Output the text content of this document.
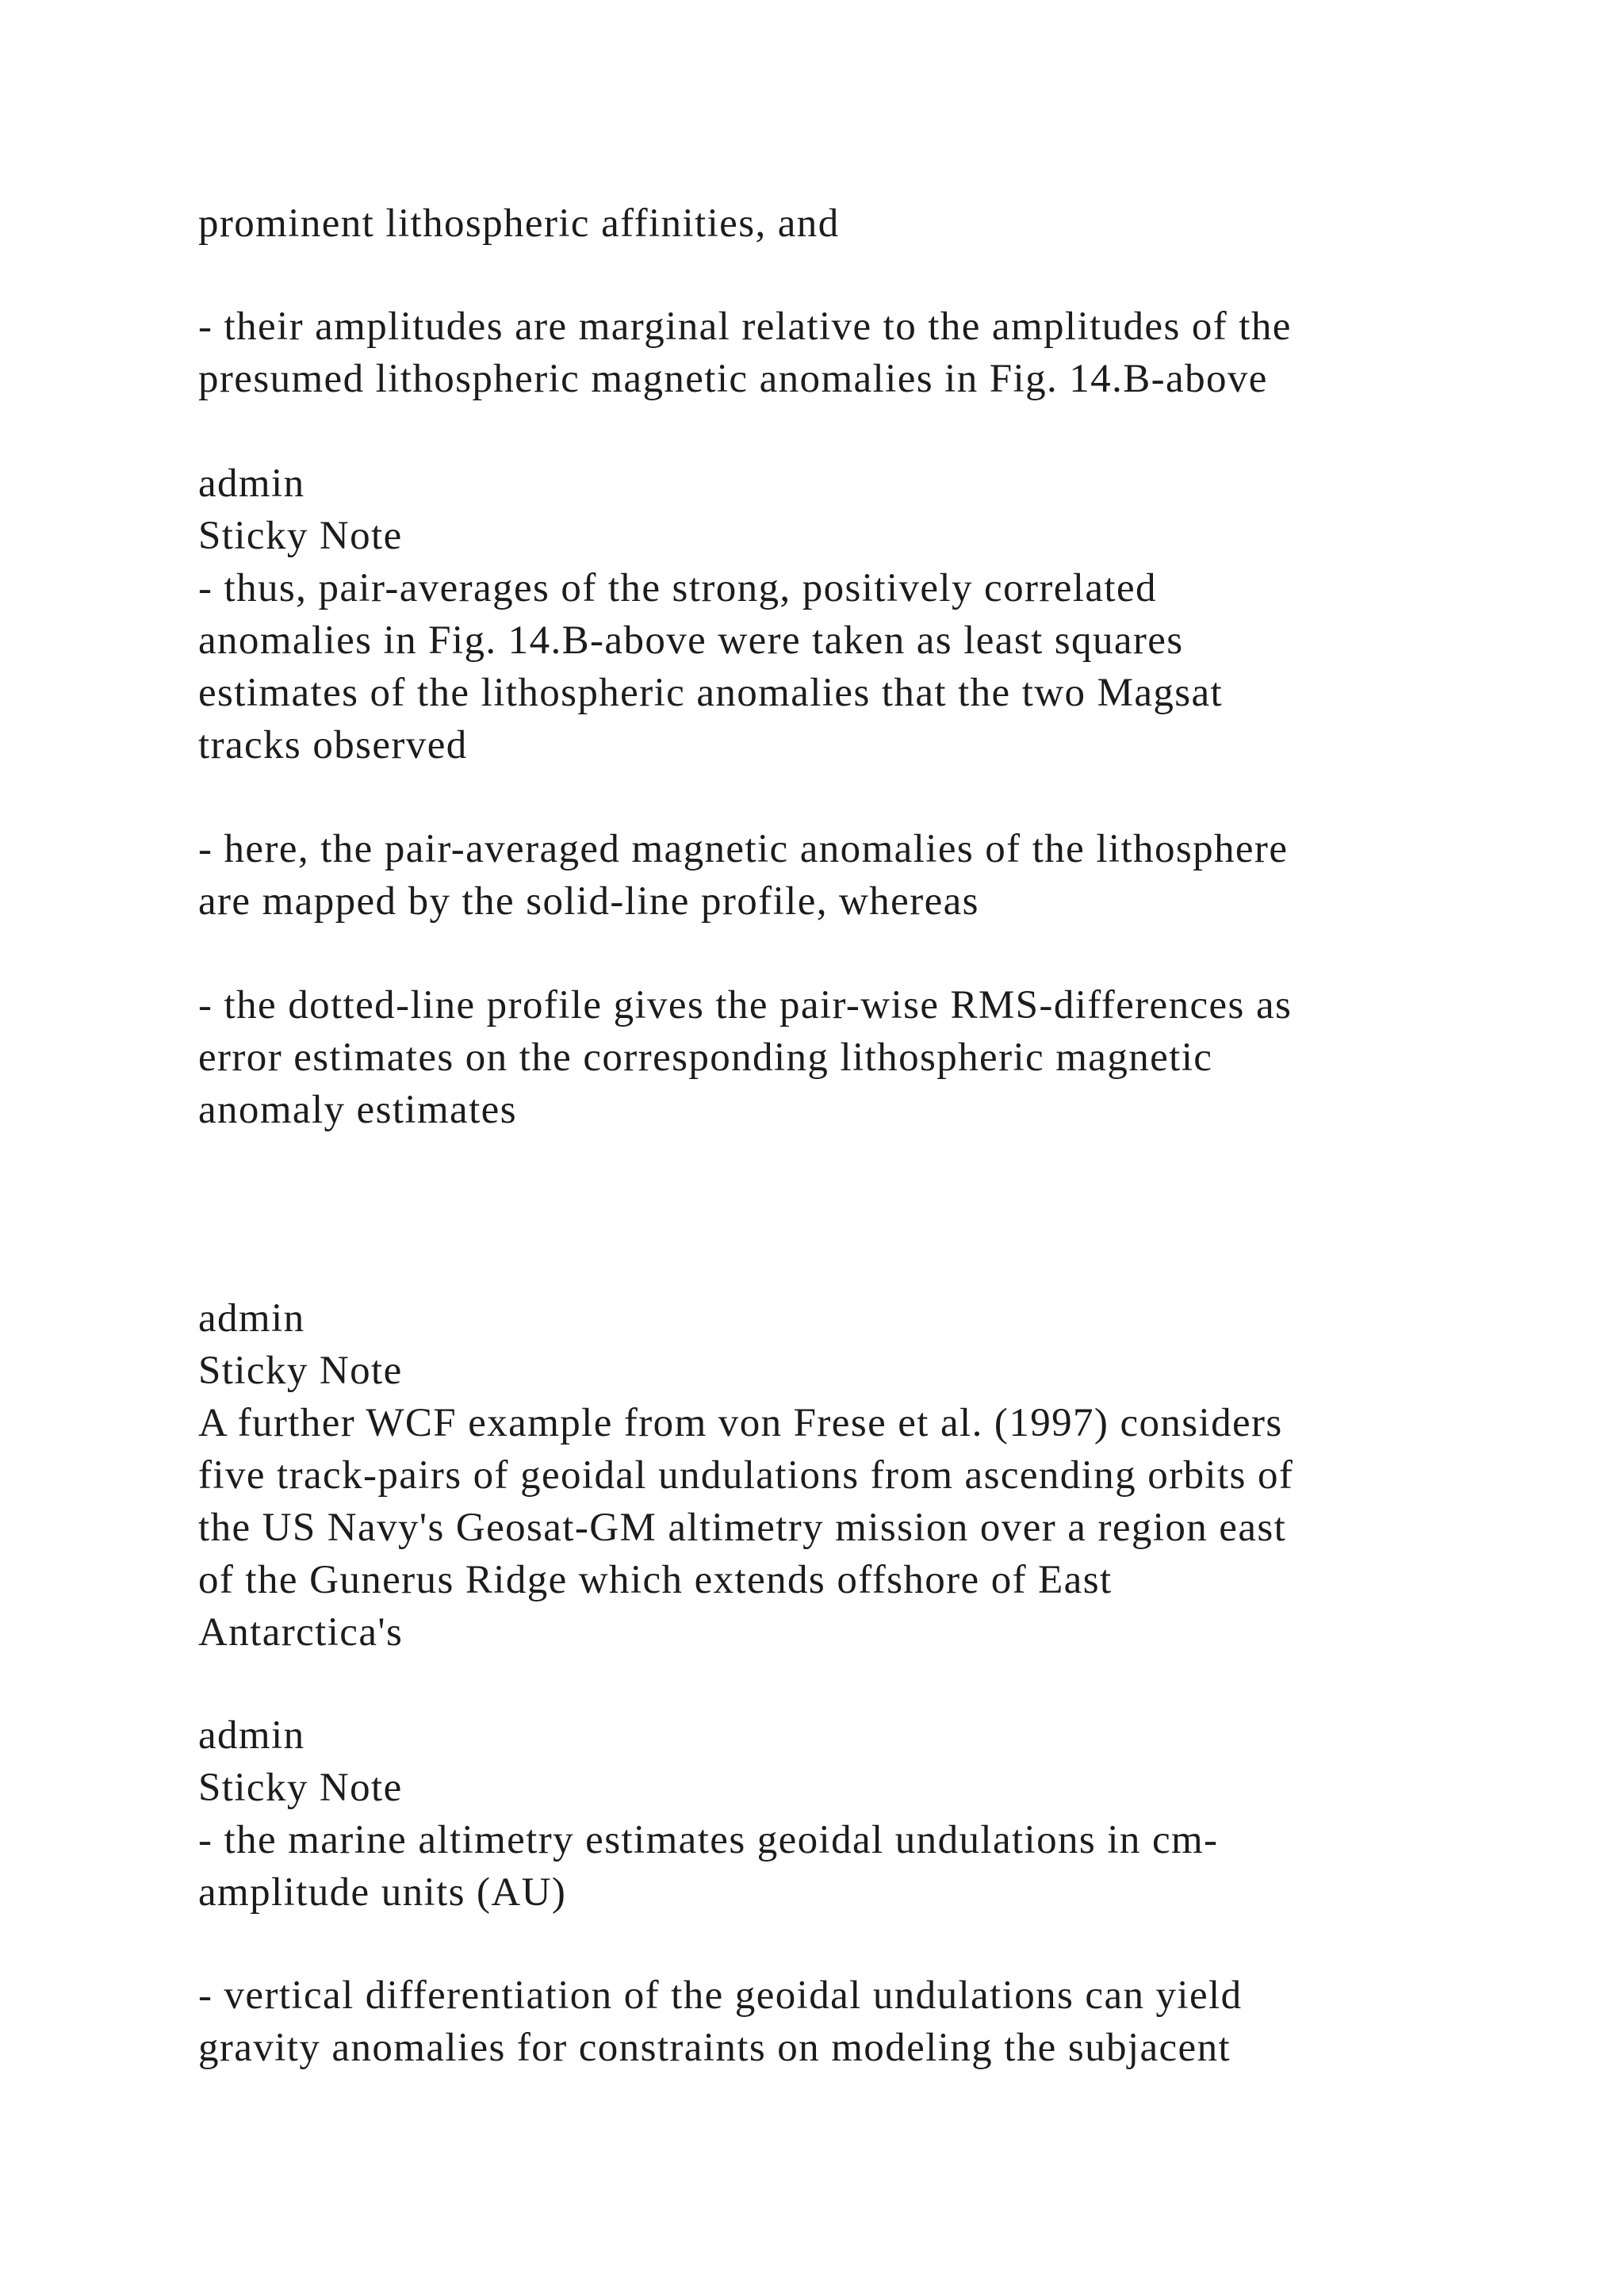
prominent lithospheric affinities, and
- their amplitudes are marginal relative to the amplitudes of the
presumed lithospheric magnetic anomalies in Fig. 14.B-above
admin
Sticky Note
- thus, pair-averages of the strong, positively correlated
anomalies in Fig. 14.B-above were taken as least squares
estimates of the lithospheric anomalies that the two Magsat
tracks observed
- here, the pair-averaged magnetic anomalies of the lithosphere
are mapped by the solid-line profile, whereas
- the dotted-line profile gives the pair-wise RMS-differences as
error estimates on the corresponding lithospheric magnetic
anomaly estimates
admin
Sticky Note
A further WCF example from von Frese et al. (1997) considers
five track-pairs of geoidal undulations from ascending orbits of
the US Navy's Geosat-GM altimetry mission over a region east
of the Gunerus Ridge which extends offshore of East
Antarctica's
admin
Sticky Note
- the marine altimetry estimates geoidal undulations in cm-
amplitude units (AU)
- vertical differentiation of the geoidal undulations can yield
gravity anomalies for constraints on modeling the subjacent
